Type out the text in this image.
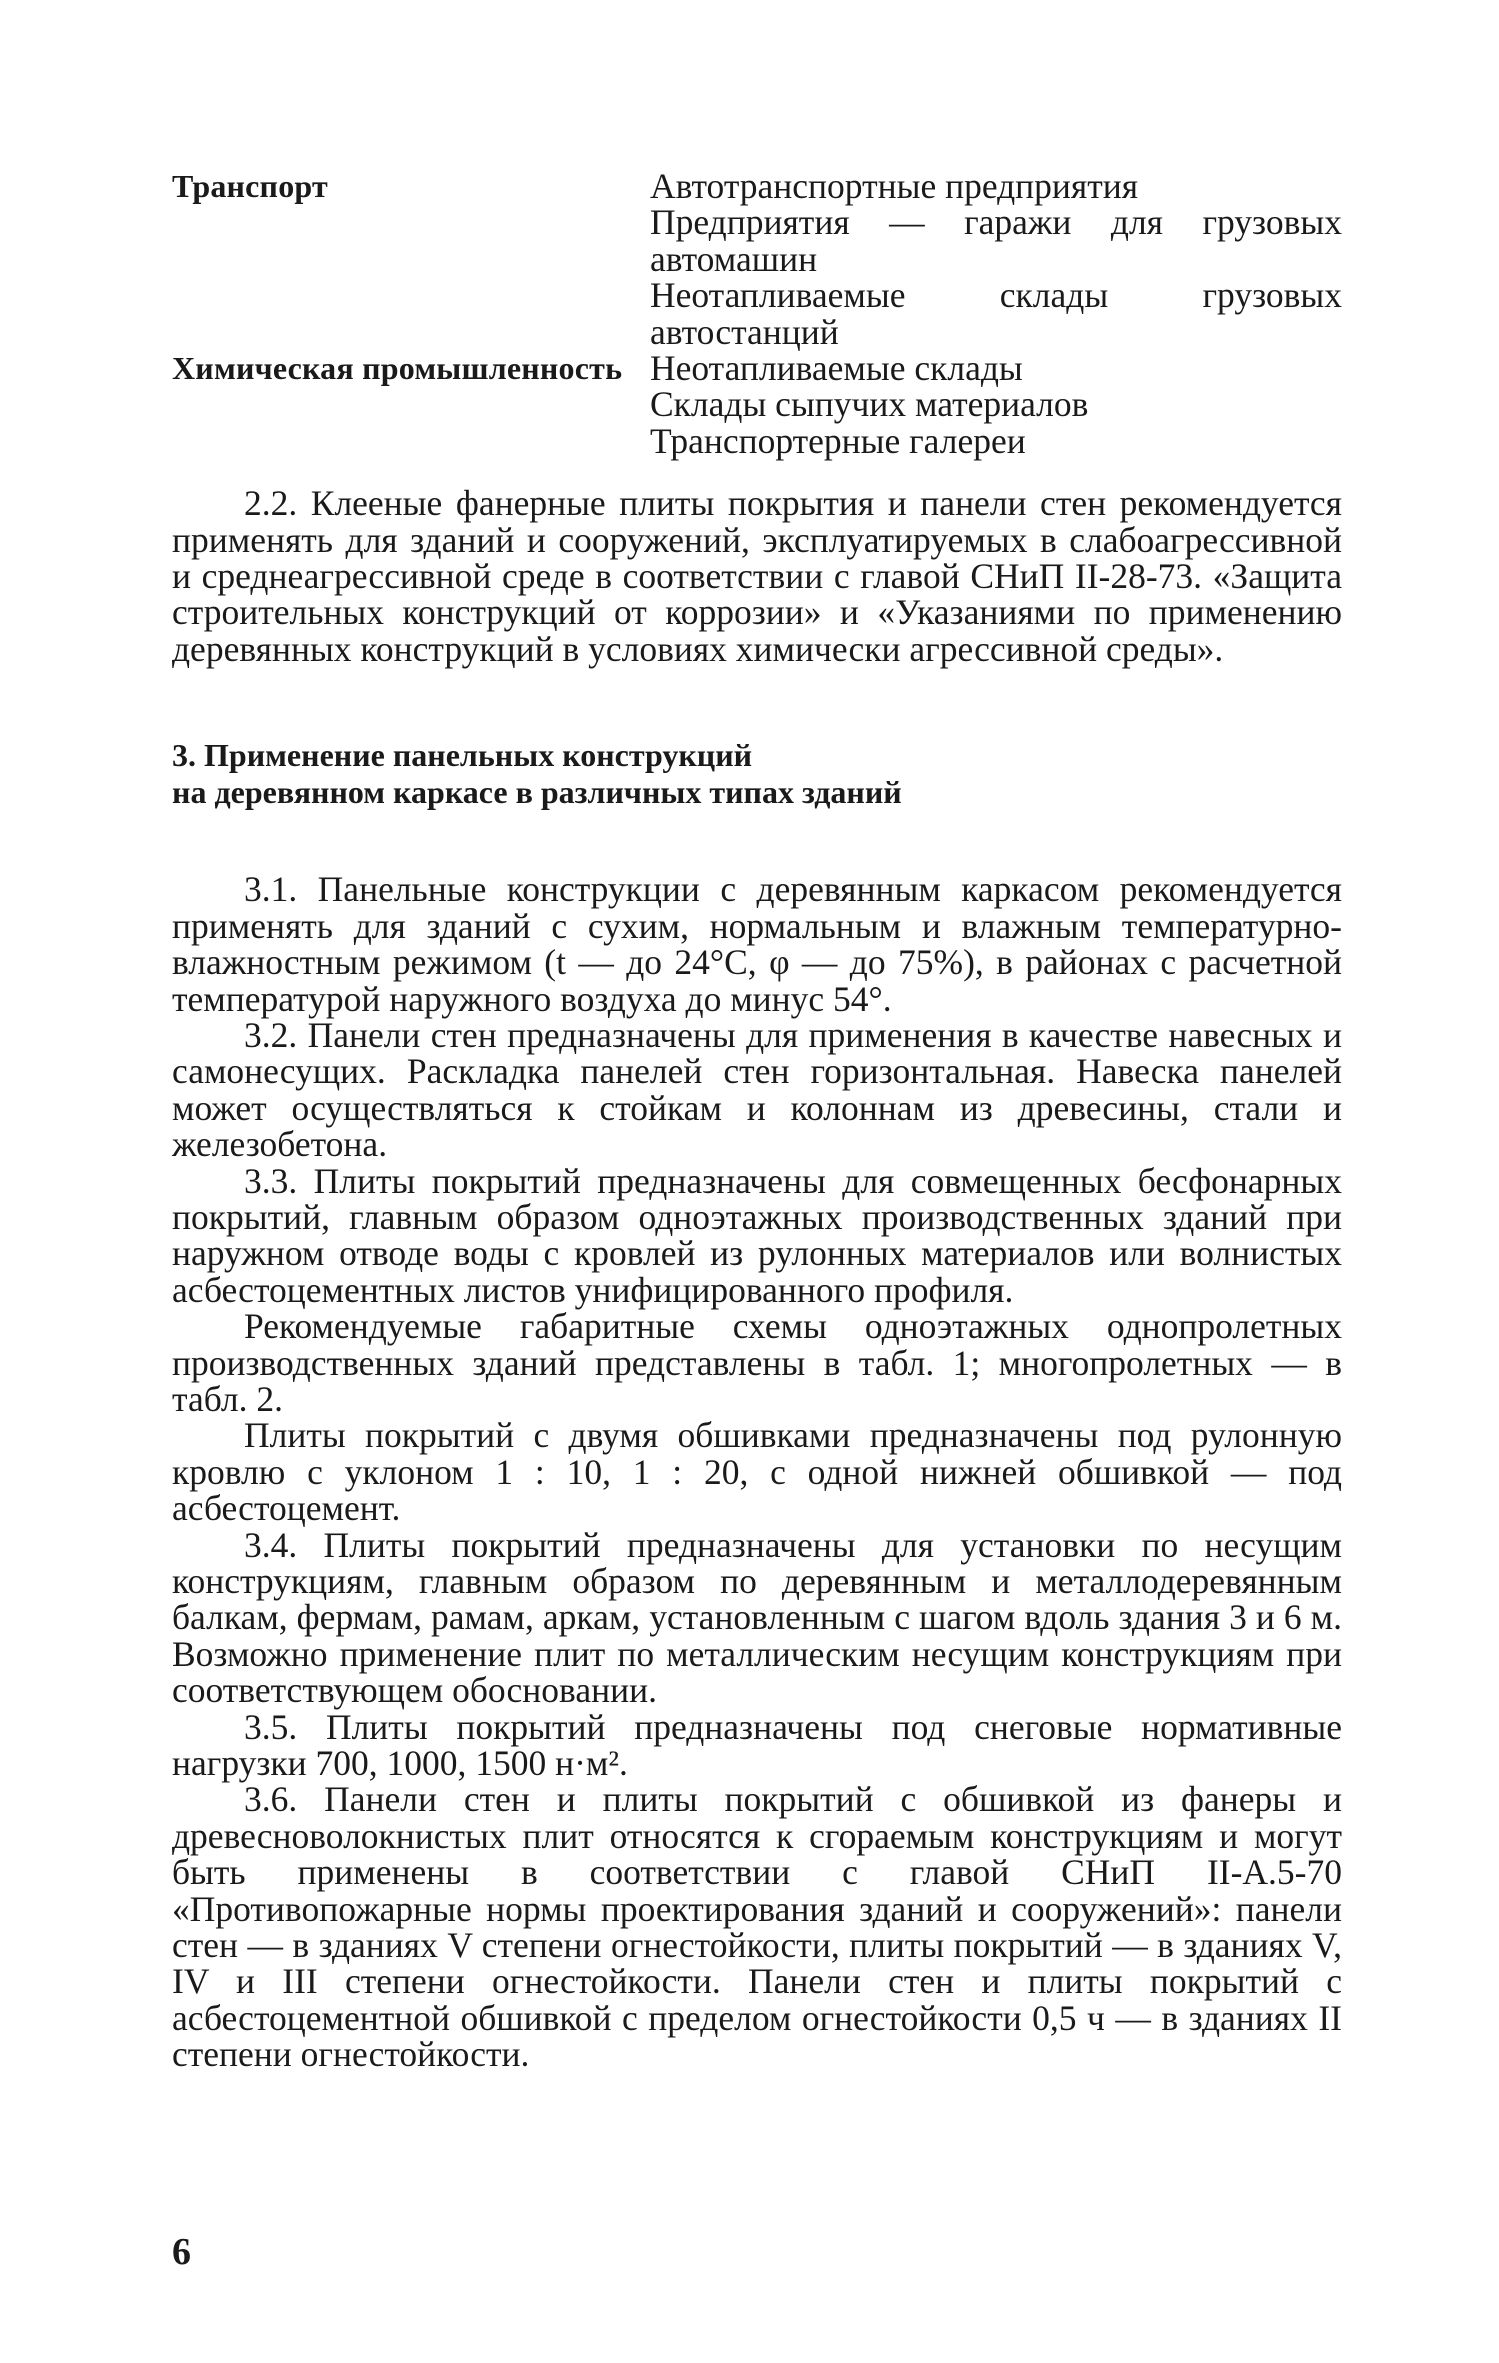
Транспорт
Химическая промышленность
Автотранспортные предприятия
Предприятия — гаражи для грузовых автомашин
Неотапливаемые склады грузовых автостанций
Неотапливаемые склады
Склады сыпучих материалов
Транспортерные галереи

2.2. Клееные фанерные плиты покрытия и панели стен рекомендуется применять для зданий и сооружений, эксплуатируемых в слабоагрессивной и среднеагрессивной среде в соответствии с главой СНиП II-28-73. «Защита строительных конструкций от коррозии» и «Указаниями по применению деревянных конструкций в условиях химически агрессивной среды».

3. Применение панельных конструкций
на деревянном каркасе в различных типах зданий

3.1. Панельные конструкции с деревянным каркасом рекомендуется применять для зданий с сухим, нормальным и влажным температурно-влажностным режимом (t — до 24°С, φ — до 75%), в районах с расчетной температурой наружного воздуха до минус 54°.

3.2. Панели стен предназначены для применения в качестве навесных и самонесущих. Раскладка панелей стен горизонтальная. Навеска панелей может осуществляться к стойкам и колоннам из древесины, стали и железобетона.

3.3. Плиты покрытий предназначены для совмещенных бесфонарных покрытий, главным образом одноэтажных производственных зданий при наружном отводе воды с кровлей из рулонных материалов или волнистых асбестоцементных листов унифицированного профиля.

Рекомендуемые габаритные схемы одноэтажных однопролетных производственных зданий представлены в табл. 1; многопролетных — в табл. 2.

Плиты покрытий с двумя обшивками предназначены под рулонную кровлю с уклоном 1 : 10, 1 : 20, с одной нижней обшивкой — под асбестоцемент.

3.4. Плиты покрытий предназначены для установки по несущим конструкциям, главным образом по деревянным и металлодеревянным балкам, фермам, рамам, аркам, установленным с шагом вдоль здания 3 и 6 м. Возможно применение плит по металлическим несущим конструкциям при соответствующем обосновании.

3.5. Плиты покрытий предназначены под снеговые нормативные нагрузки 700, 1000, 1500 н·м².

3.6. Панели стен и плиты покрытий с обшивкой из фанеры и древесноволокнистых плит относятся к сгораемым конструкциям и могут быть применены в соответствии с главой СНиП II-А.5-70 «Противопожарные нормы проектирования зданий и сооружений»: панели стен — в зданиях V степени огнестойкости, плиты покрытий — в зданиях V, IV и III степени огнестойкости. Панели стен и плиты покрытий с асбестоцементной обшивкой с пределом огнестойкости 0,5 ч — в зданиях II степени огнестойкости.

6
